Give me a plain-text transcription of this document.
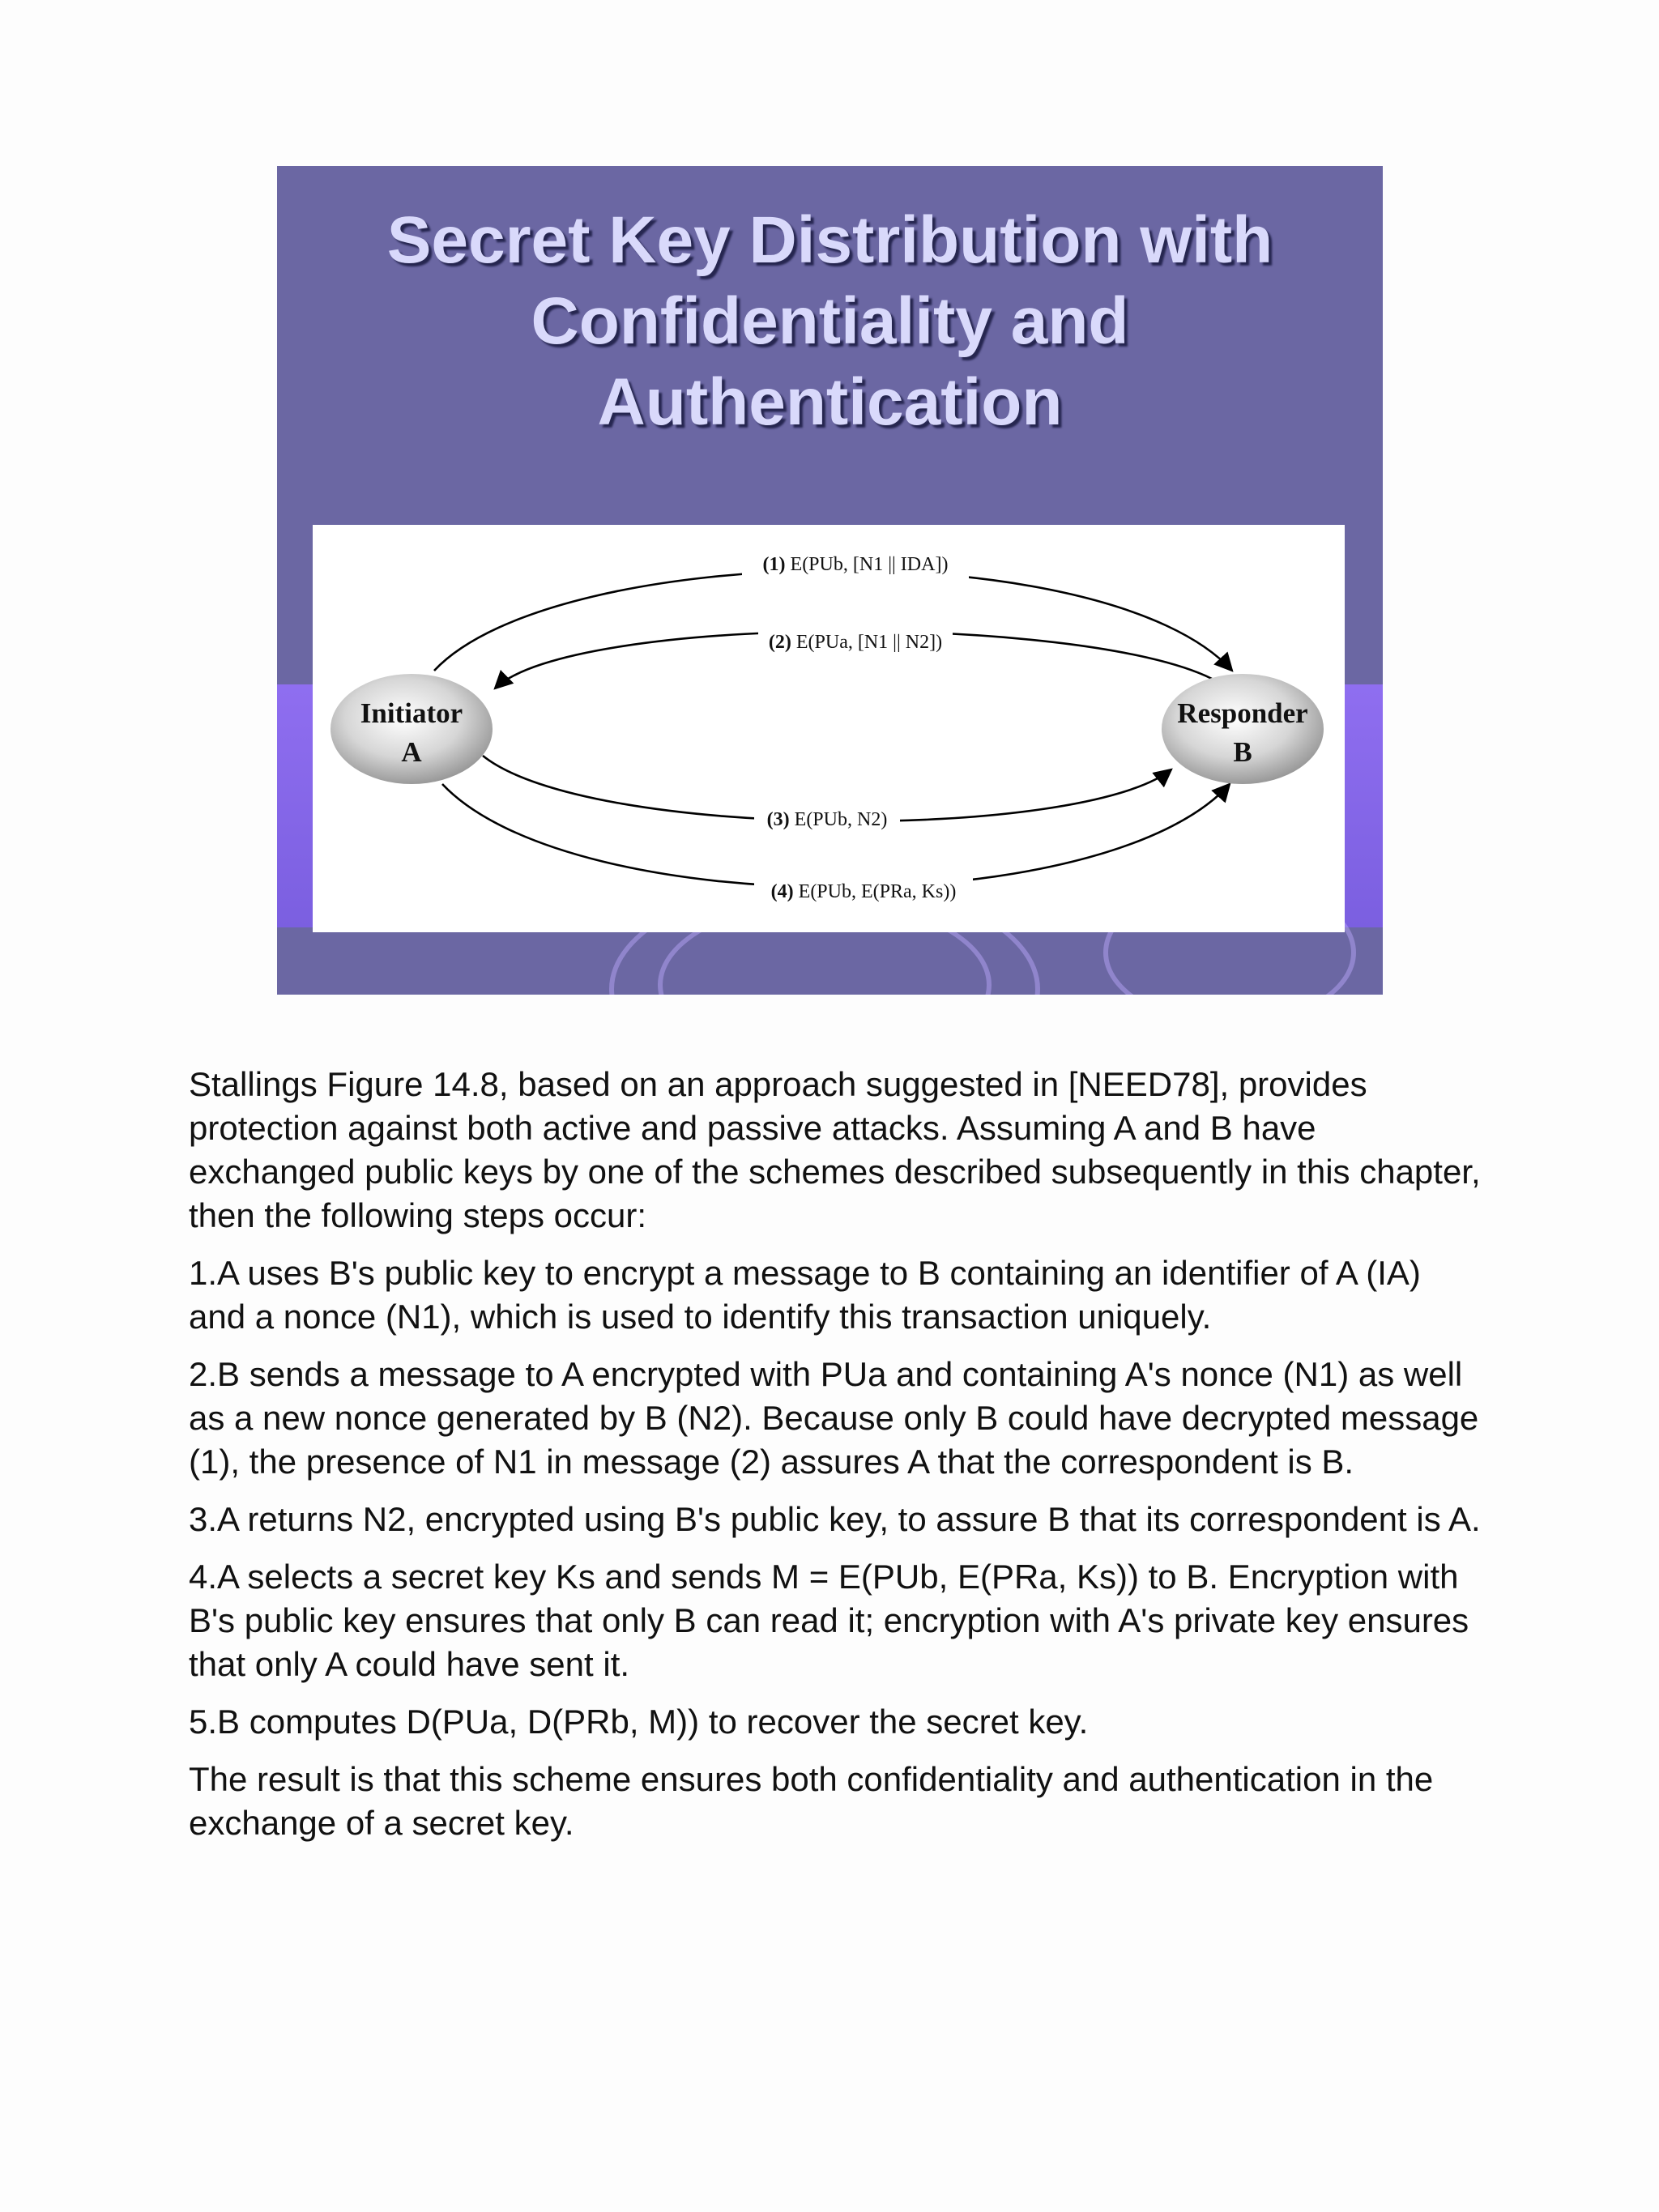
Secret Key Distribution with
Confidentiality and
Authentication
(1) E(PUb, [N1 || IDA])
(2) E(PUa, [N1 || N2])
(3) E(PUb, N2)
(4) E(PUb, E(PRa, Ks))
Initiator
A
Responder
B

Stallings Figure 14.8, based on an approach suggested in [NEED78], provides protection against both active and passive attacks. Assuming A and B have exchanged public keys by one of the schemes described subsequently in this chapter, then the following steps occur:

1.A uses B's public key to encrypt a message to B containing an identifier of A (IA) and a nonce (N1), which is used to identify this transaction uniquely.

2.B sends a message to A encrypted with PUa and containing A's nonce (N1) as well as a new nonce generated by B (N2). Because only B could have decrypted message (1), the presence of N1 in message (2) assures A that the correspondent is B.

3.A returns N2, encrypted using B's public key, to assure B that its correspondent is A.

4.A selects a secret key Ks and sends M = E(PUb, E(PRa, Ks)) to B. Encryption with B's public key ensures that only B can read it; encryption with A's private key ensures that only A could have sent it.

5.B computes D(PUa, D(PRb, M)) to recover the secret key.

The result is that this scheme ensures both confidentiality and authentication in the exchange of a secret key.
